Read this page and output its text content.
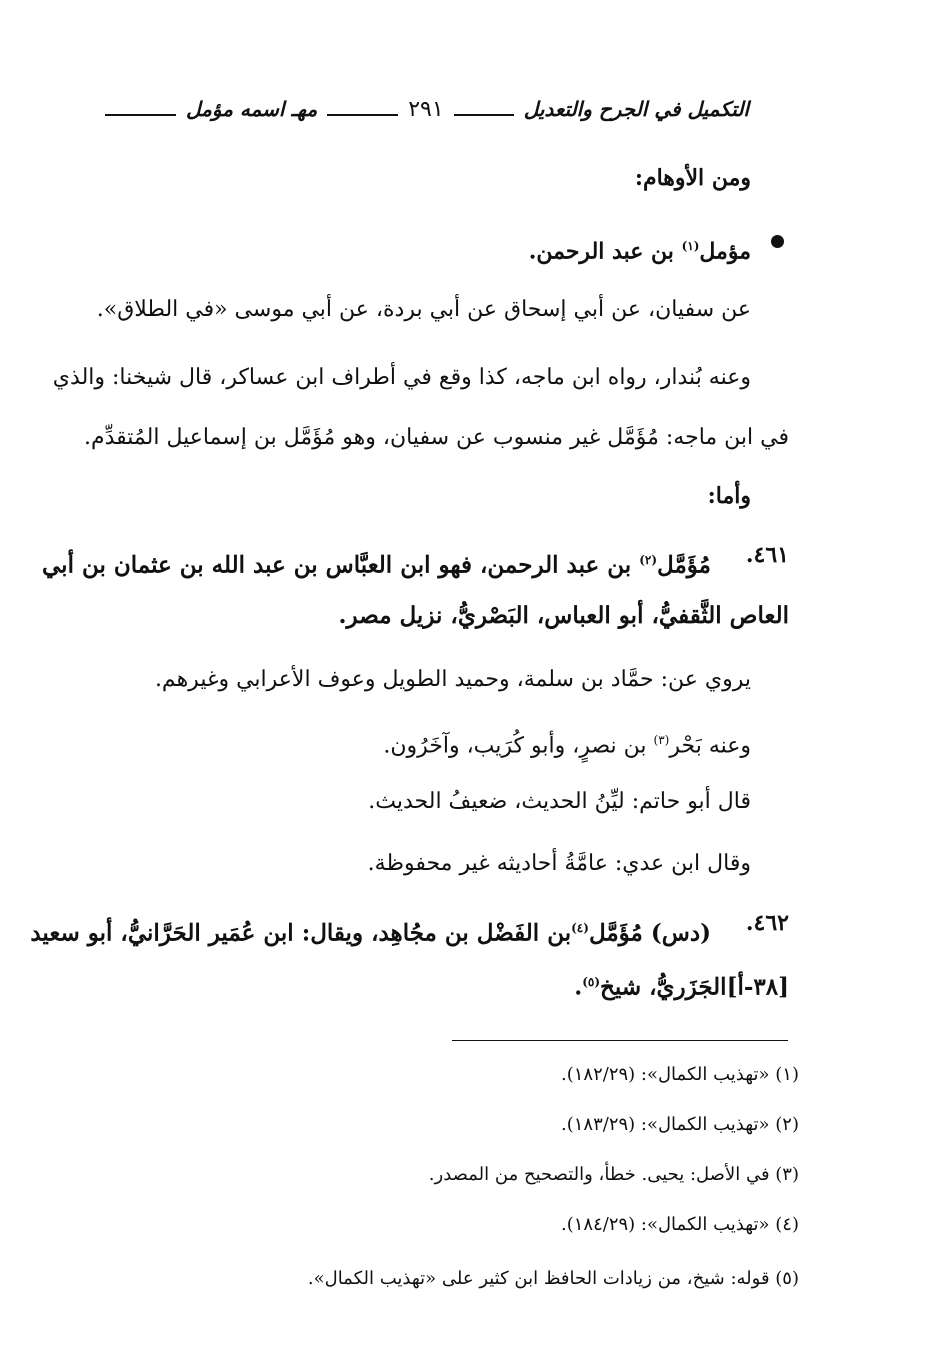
التكميل في الجرح والتعديل
٢٩١
مهـ اسمه مؤمل
ومن الأوهام:
مؤمل$^{(١)}$ بن عبد الرحمن.
عن سفيان، عن أبي إسحاق عن أبي بردة، عن أبي موسى «في الطلاق».
وعنه بُندار، رواه ابن ماجه، كذا وقع في أطراف ابن عساكر، قال شيخنا: والذي
في ابن ماجه: مُؤَمَّل غير منسوب عن سفيان، وهو مُؤَمَّل بن إسماعيل المُتقدِّم.
وأما:
٤٦١.
مُؤَمَّل$^{(٢)}$ بن عبد الرحمن، فهو ابن العبَّاس بن عبد الله بن عثمان بن أبي
العاص الثَّقفيُّ، أبو العباس، البَصْريُّ، نزيل مصر.
يروي عن: حمَّاد بن سلمة، وحميد الطويل وعوف الأعرابي وغيرهم.
وعنه بَحْر$^{(٣)}$ بن نصرٍ، وأبو كُرَيب، وآخَرُون.
قال أبو حاتم: ليِّنُ الحديث، ضعيفُ الحديث.
وقال ابن عدي: عامَّةُ أحاديثه غير محفوظة.
٤٦٢.
(دس) مُؤَمَّل$^{(٤)}$بن الفَضْل بن مجُاهِد، ويقال: ابن عُمَير الحَرَّانيُّ، أبو سعيد
[٣٨-أ]الجَزَريُّ، شيخ$^{(٥)}$.
(١) «تهذيب الكمال»: (١٨٢/٢٩).
(٢) «تهذيب الكمال»: (١٨٣/٢٩).
(٣) في الأصل: يحيى. خطأ، والتصحيح من المصدر.
(٤) «تهذيب الكمال»: (١٨٤/٢٩).
(٥) قوله: شيخ، من زيادات الحافظ ابن كثير على «تهذيب الكمال».
